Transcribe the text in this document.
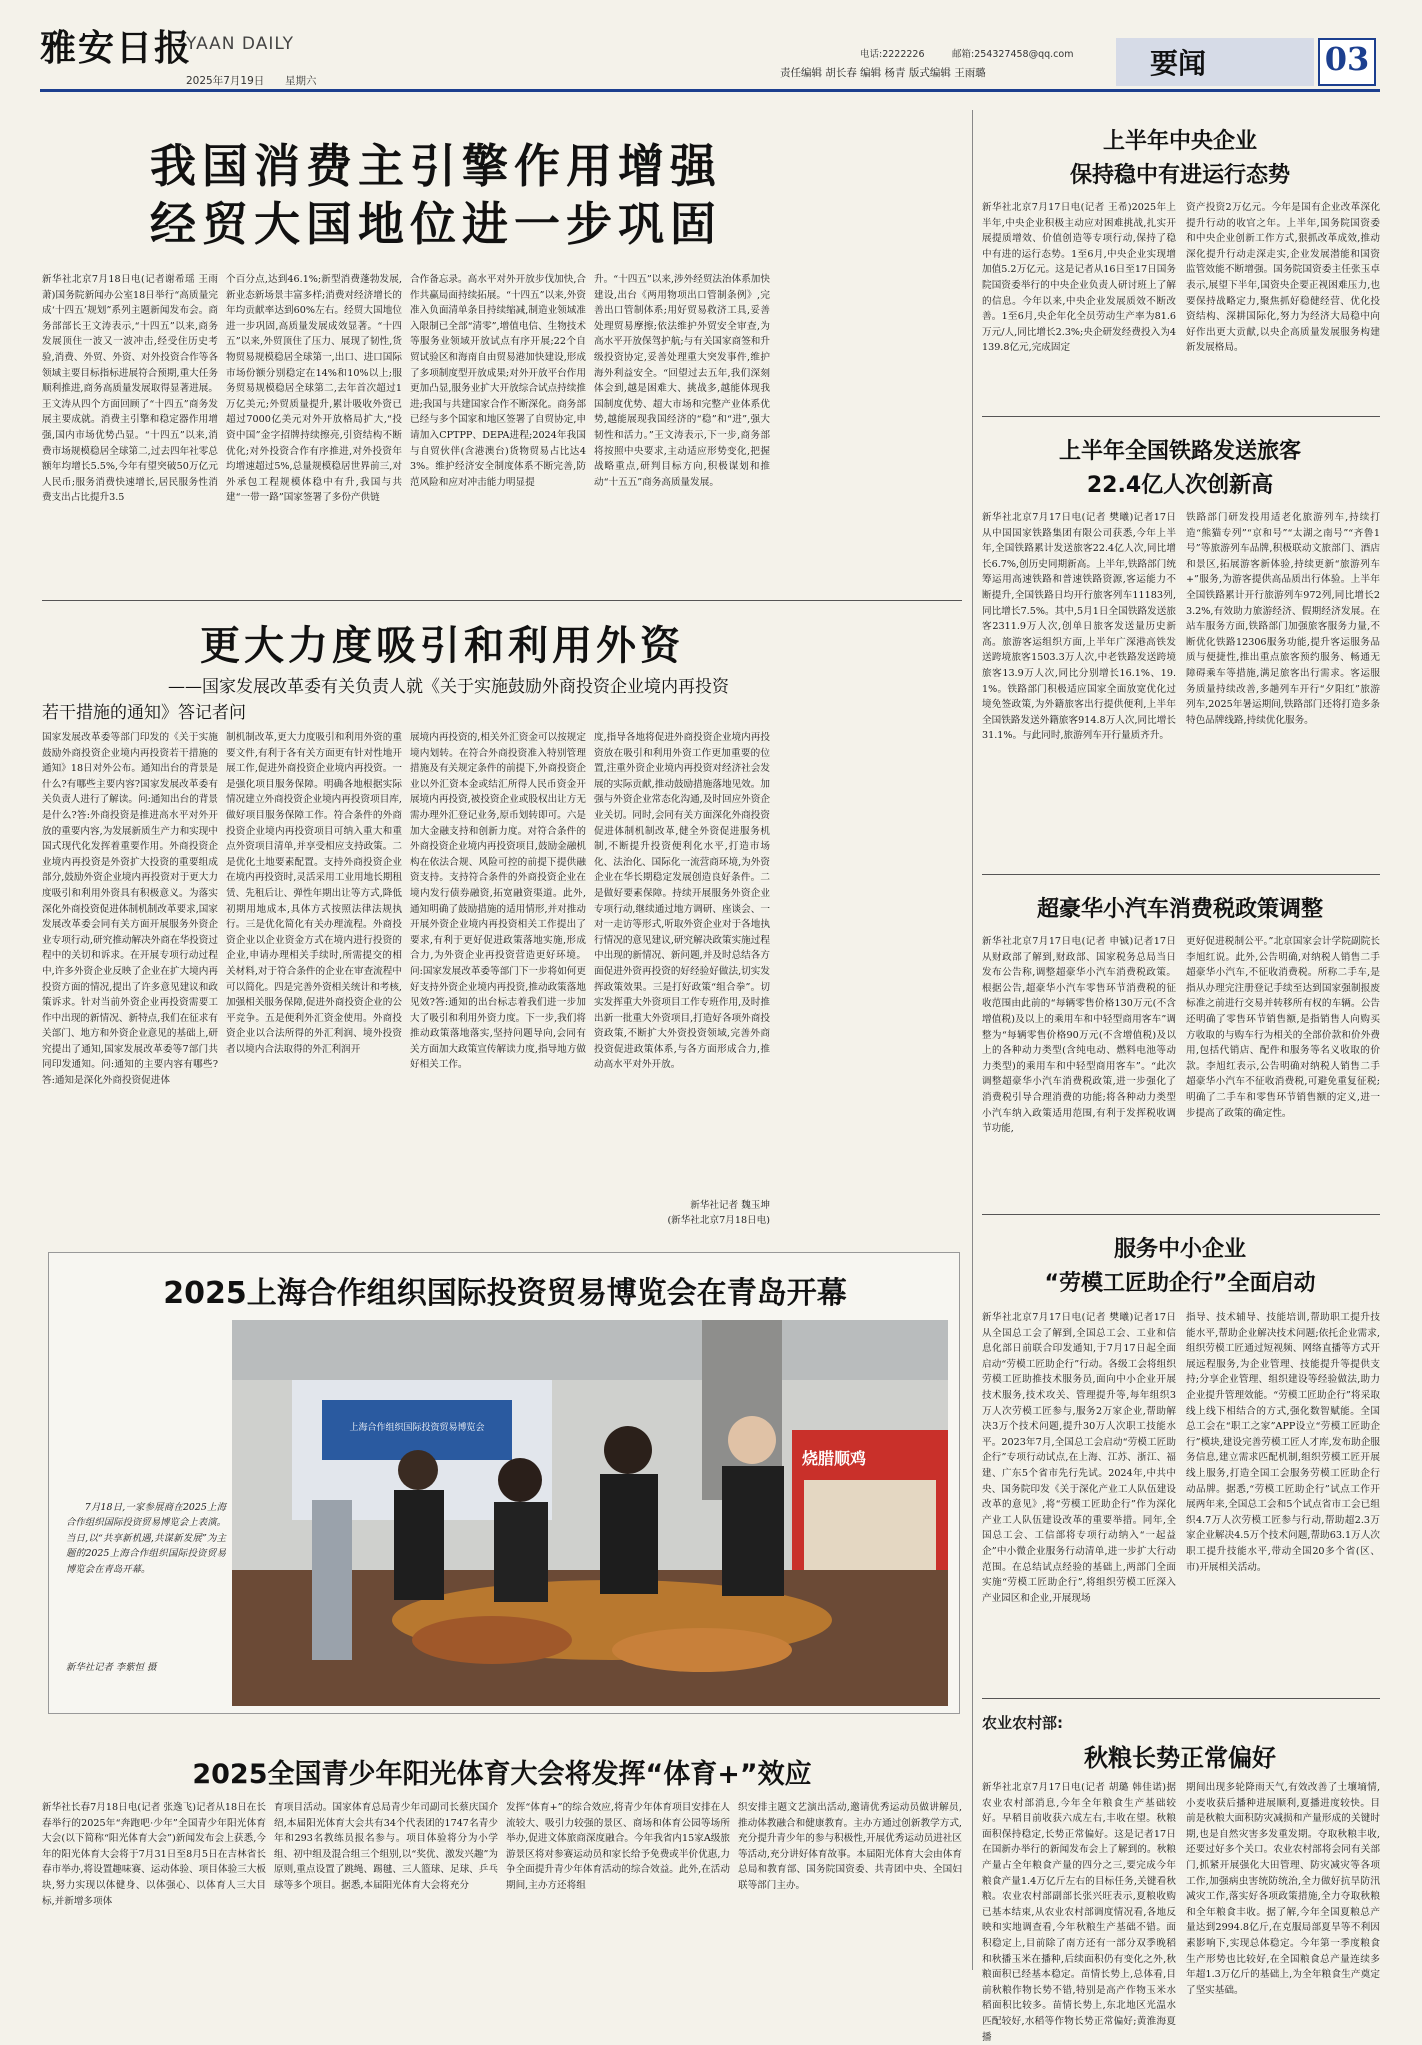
雅安日报
YAAN DAILY
2025年7月19日 星期六
电话:2222226	邮箱:254327458@qq.com
责任编辑 胡长春 编辑 杨青 版式编辑 王雨璐	要闻	03
我国消费主引擎作用增强
经贸大国地位进一步巩固
新华社北京7月18日电(记者谢希瑶 王雨萧)国务院新闻办公室18日举行“高质量完成‘十四五’规划”系列主题新闻发布会。商务部部长王文涛表示,“十四五”以来,商务发展顶住一波又一波冲击,经受住历史考验,消费、外贸、外资、对外投资合作等各领域主要目标指标进展符合预期,重大任务顺利推进,商务高质量发展取得显著进展。王文涛从四个方面回顾了“十四五”商务发展主要成就。消费主引擎和稳定器作用增强,国内市场优势凸显。“十四五”以来,消费市场规模稳居全球第二,过去四年社零总额年均增长5.5%,今年有望突破50万亿元人民币;服务消费快速增长,居民服务性消费支出占比提升3.5
个百分点,达到46.1%;新型消费蓬勃发展,新业态新场景丰富多样;消费对经济增长的年均贡献率达到60%左右。经贸大国地位进一步巩固,高质量发展成效显著。“十四五”以来,外贸顶住了压力、展现了韧性,货物贸易规模稳居全球第一,出口、进口国际市场份额分别稳定在14%和10%以上;服务贸易规模稳居全球第二,去年首次超过1万亿美元;外贸质量提升,累计吸收外资已超过7000亿美元对外开放格局扩大,“投资中国”金字招牌持续擦亮,引资结构不断优化;对外投资合作有序推进,对外投资年均增速超过5%,总量规模稳居世界前三,对外承包工程规模体稳中有升,我国与共建“一带一路”国家签署了多份产供链
合作备忘录。高水平对外开放步伐加快,合作共赢局面持续拓展。“十四五”以来,外资准入负面清单条目持续缩减,制造业领域准入限制已全部“清零”,增值电信、生物技术等服务业领域开放试点有序开展;22个自贸试验区和海南自由贸易港加快建设,形成了多项制度型开放成果;对外开放平台作用更加凸显,服务业扩大开放综合试点持续推进;我国与共建国家合作不断深化。商务部已经与多个国家和地区签署了自贸协定,申请加入CPTPP、DEPA进程;2024年我国与自贸伙伴(含港澳台)货物贸易占比达43%。维护经济安全制度体系不断完善,防范风险和应对冲击能力明显提
升。“十四五”以来,涉外经贸法治体系加快建设,出台《两用物项出口管制条例》,完善出口管制体系;用好贸易救济工具,妥善处理贸易摩擦;依法维护外贸安全审查,为高水平开放保驾护航;与有关国家商签和升级投资协定,妥善处理重大突发事件,维护海外利益安全。“回望过去五年,我们深刻体会到,越是困难大、挑战多,越能体现我国制度优势、超大市场和完整产业体系优势,越能展现我国经济的“稳”和“进”,强大韧性和活力。”王文涛表示,下一步,商务部将按照中央要求,主动适应形势变化,把握战略重点,研判目标方向,积极谋划和推动“十五五”商务高质量发展。
上半年中央企业
保持稳中有进运行态势
新华社北京7月17日电(记者 王希)2025年上半年,中央企业积极主动应对困难挑战,扎实开展提质增效、价值创造等专项行动,保持了稳中有进的运行态势。1至6月,中央企业实现增加值5.2万亿元。这是记者从16日至17日国务院国资委举行的中央企业负责人研讨班上了解的信息。今年以来,中央企业发展质效不断改善。1至6月,央企年化全员劳动生产率为81.6万元/人,同比增长2.3%;央企研发经费投入为4139.8亿元,完成固定
资产投资2万亿元。今年是国有企业改革深化提升行动的收官之年。上半年,国务院国资委和中央企业创新工作方式,狠抓改革成效,推动深化提升行动走深走实,企业发展潜能和国资监管效能不断增强。国务院国资委主任张玉卓表示,展望下半年,国资央企要正视困难压力,也要保持战略定力,聚焦抓好稳健经营、优化投资结构、深耕国际化,努力为经济大局稳中向好作出更大贡献,以央企高质量发展服务构建新发展格局。
上半年全国铁路发送旅客
22.4亿人次创新高
新华社北京7月17日电(记者 樊曦)记者17日从中国国家铁路集团有限公司获悉,今年上半年,全国铁路累计发送旅客22.4亿人次,同比增长6.7%,创历史同期新高。上半年,铁路部门统筹运用高速铁路和普速铁路资源,客运能力不断提升,全国铁路日均开行旅客列车11183列,同比增长7.5%。其中,5月1日全国铁路发送旅客2311.9万人次,创单日旅客发送量历史新高。旅游客运组织方面,上半年广深港高铁发送跨境旅客1503.3万人次,中老铁路发送跨境旅客13.9万人次,同比分别增长16.1%、19.1%。铁路部门积极适应国家全面放宽优化过境免签政策,为外籍旅客出行提供便利,上半年全国铁路发送外籍旅客914.8万人次,同比增长31.1%。与此同时,旅游列车开行量质齐升。
铁路部门研发投用适老化旅游列车,持续打造“熊猫专列”“京和号”“太湖之南号”“齐鲁1号”等旅游列车品牌,积极联动文旅部门、酒店和景区,拓展游客新体验,持续更新“旅游列车+”服务,为游客提供高品质出行体验。上半年全国铁路累计开行旅游列车972列,同比增长23.2%,有效助力旅游经济、假期经济发展。在站车服务方面,铁路部门加强旅客服务力量,不断优化铁路12306服务功能,提升客运服务品质与便捷性,推出重点旅客预约服务、畅通无障碍乘车等措施,满足旅客出行需求。客运服务质量持续改善,多趟列车开行“夕阳红”旅游列车,2025年暑运期间,铁路部门还将打造多条特色品牌线路,持续优化服务。
超豪华小汽车消费税政策调整
新华社北京7月17日电(记者 申铖)记者17日从财政部了解到,财政部、国家税务总局当日发布公告称,调整超豪华小汽车消费税政策。根据公告,超豪华小汽车零售环节消费税的征收范围由此前的“每辆零售价格130万元(不含增值税)及以上的乘用车和中轻型商用客车”调整为“每辆零售价格90万元(不含增值税)及以上的各种动力类型(含纯电动、燃料电池等动力类型)的乘用车和中轻型商用客车”。“此次调整超豪华小汽车消费税政策,进一步强化了消费税引导合理消费的功能;将各种动力类型小汽车纳入政策适用范围,有利于发挥税收调节功能,
更好促进税制公平。”北京国家会计学院副院长李旭红说。此外,公告明确,对纳税人销售二手超豪华小汽车,不征收消费税。所称二手车,是指从办理完注册登记手续至达到国家强制报废标准之前进行交易并转移所有权的车辆。公告还明确了零售环节销售额,是指销售人向购买方收取的与购车行为相关的全部价款和价外费用,包括代销店、配件和服务等名义收取的价款。李旭红表示,公告明确对纳税人销售二手超豪华小汽车不征收消费税,可避免重复征税;明确了二手车和零售环节销售额的定义,进一步提高了政策的确定性。
服务中小企业
“劳模工匠助企行”全面启动
新华社北京7月17日电(记者 樊曦)记者17日从全国总工会了解到,全国总工会、工业和信息化部日前联合印发通知,于7月17日起全面启动“劳模工匠助企行”行动。各级工会将组织劳模工匠助推技术服务员,面向中小企业开展技术服务,技术攻关、管理提升等,每年组织3万人次劳模工匠参与,服务2万家企业,帮助解决3万个技术问题,提升30万人次职工技能水平。2023年7月,全国总工会启动“劳模工匠助企行”专项行动试点,在上海、江苏、浙江、福建、广东5个省市先行先试。2024年,中共中央、国务院印发《关于深化产业工人队伍建设改革的意见》,将“劳模工匠助企行”作为深化产业工人队伍建设改革的重要举措。同年,全国总工会、工信部将专项行动纳入“一起益企”中小微企业服务行动清单,进一步扩大行动范围。在总结试点经验的基础上,两部门全面实施“劳模工匠助企行”,将组织劳模工匠深入产业园区和企业,开展现场
指导、技术辅导、技能培训,帮助职工提升技能水平,帮助企业解决技术问题;依托企业需求,组织劳模工匠通过短视频、网络直播等方式开展远程服务,为企业管理、技能提升等提供支持;分享企业管理、组织建设等经验做法,助力企业提升管理效能。“劳模工匠助企行”将采取线上线下相结合的方式,强化数智赋能。全国总工会在“职工之家”APP设立“劳模工匠助企行”模块,建设完善劳模工匠人才库,发布助企服务信息,建立需求匹配机制,组织劳模工匠开展线上服务,打造全国工会服务劳模工匠助企行动品牌。据悉,“劳模工匠助企行”试点工作开展两年来,全国总工会和5个试点省市工会已组织4.7万人次劳模工匠参与行动,帮助超2.3万家企业解决4.5万个技术问题,帮助63.1万人次职工提升技能水平,带动全国20多个省(区、市)开展相关活动。
农业农村部:
秋粮长势正常偏好
新华社北京7月17日电(记者 胡璐 韩佳诺)据农业农村部消息,今年全年粮食生产基础较好。早稻目前收获六成左右,丰收在望。秋粮面积保持稳定,长势正常偏好。这是记者17日在国新办举行的新闻发布会上了解到的。秋粮产量占全年粮食产量的四分之三,要完成今年粮食产量1.4万亿斤左右的目标任务,关键看秋粮。农业农村部副部长张兴旺表示,夏粮收购已基本结束,从农业农村部调度情况看,各地反映和实地调查看,今年秋粮生产基础不错。面积稳定上,目前除了南方还有一部分双季晚稻和秋播玉米在播种,后续面积仍有变化之外,秋粮面积已经基本稳定。苗情长势上,总体看,目前秋粮作物长势不错,特别是高产作物玉米水稻面积比较多。苗情长势上,东北地区光温水匹配较好,水稻等作物长势正常偏好;黄淮海夏播
期间出现多轮降雨天气,有效改善了土壤墒情,小麦收获后播种进展顺利,夏播进度较快。目前是秋粮大面积防灾减损和产量形成的关键时期,也是自然灾害多发重发期。夺取秋粮丰收,还要过好多个关口。农业农村部将会同有关部门,抓紧开展强化大田管理、防灾减灾等各项工作,加强病虫害统防统治,全力做好抗旱防汛减灾工作,落实好各项政策措施,全力夺取秋粮和全年粮食丰收。据了解,今年全国夏粮总产量达到2994.8亿斤,在克服局部夏旱等不利因素影响下,实现总体稳定。今年第一季度粮食生产形势也比较好,在全国粮食总产量连续多年超1.3万亿斤的基础上,为全年粮食生产奠定了坚实基础。
更大力度吸引和利用外资
——国家发展改革委有关负责人就《关于实施鼓励外商投资企业境内再投资
若干措施的通知》答记者问
国家发展改革委等部门印发的《关于实施鼓励外商投资企业境内再投资若干措施的通知》18日对外公布。通知出台的背景是什么?有哪些主要内容?国家发展改革委有关负责人进行了解读。问:通知出台的背景是什么?答:外商投资是推进高水平对外开放的重要内容,为发展新质生产力和实现中国式现代化发挥着重要作用。外商投资企业境内再投资是外资扩大投资的重要组成部分,鼓励外资企业境内再投资对于更大力度吸引和利用外资具有积极意义。为落实深化外商投资促进体制机制改革要求,国家发展改革委会同有关方面开展服务外资企业专项行动,研究推动解决外商在华投资过程中的关切和诉求。在开展专项行动过程中,许多外资企业反映了企业在扩大境内再投资方面的情况,提出了许多意见建议和政策诉求。针对当前外资企业再投资需要工作中出现的新情况、新特点,我们在征求有关部门、地方和外资企业意见的基础上,研究提出了通知,国家发展改革委等7部门共同印发通知。问:通知的主要内容有哪些?答:通知是深化外商投资促进体
制机制改革,更大力度吸引和利用外资的重要文件,有利于各有关方面更有针对性地开展工作,促进外商投资企业境内再投资。一是强化项目服务保障。明确各地根据实际情况建立外商投资企业境内再投资项目库,做好项目服务保障工作。符合条件的外商投资企业境内再投资项目可纳入重大和重点外资项目清单,并享受相应支持政策。二是优化土地要素配置。支持外商投资企业在境内再投资时,灵活采用工业用地长期租赁、先租后让、弹性年期出让等方式,降低初期用地成本,具体方式按照法律法规执行。三是优化简化有关办理流程。外商投资企业以企业资金方式在境内进行投资的企业,申请办理相关手续时,所需提交的相关材料,对于符合条件的企业在审查流程中可以简化。四是完善外资相关统计和考核,加强相关服务保障,促进外商投资企业的公平竞争。五是便利外汇资金使用。外商投资企业以合法所得的外汇利润、境外投资者以境内合法取得的外汇利润开
展境内再投资的,相关外汇资金可以按规定境内划转。在符合外商投资准入特别管理措施及有关规定条件的前提下,外商投资企业以外汇资本金或结汇所得人民币资金开展境内再投资,被投资企业或股权出让方无需办理外汇登记业务,原币划转即可。六是加大金融支持和创新力度。对符合条件的外商投资企业境内再投资项目,鼓励金融机构在依法合规、风险可控的前提下提供融资支持。支持符合条件的外商投资企业在境内发行债券融资,拓宽融资渠道。此外,通知明确了鼓励措施的适用情形,并对推动开展外资企业境内再投资相关工作提出了要求,有利于更好促进政策落地实施,形成合力,为外资企业再投资营造更好环境。问:国家发展改革委等部门下一步将如何更好支持外资企业境内再投资,推动政策落地见效?答:通知的出台标志着我们进一步加大了吸引和利用外资力度。下一步,我们将推动政策落地落实,坚持问题导向,会同有关方面加大政策宣传解读力度,指导地方做好相关工作。
度,指导各地将促进外商投资企业境内再投资放在吸引和利用外资工作更加重要的位置,注重外资企业境内再投资对经济社会发展的实际贡献,推动鼓励措施落地见效。加强与外资企业常态化沟通,及时回应外资企业关切。同时,会同有关方面深化外商投资促进体制机制改革,健全外资促进服务机制,不断提升投资便利化水平,打造市场化、法治化、国际化一流营商环境,为外资企业在华长期稳定发展创造良好条件。二是做好要素保障。持续开展服务外资企业专项行动,继续通过地方调研、座谈会、一对一走访等形式,听取外资企业对于各地执行情况的意见建议,研究解决政策实施过程中出现的新情况、新问题,并及时总结各方面促进外资再投资的好经验好做法,切实发挥政策效果。三是打好政策“组合拳”。切实发挥重大外资项目工作专班作用,及时推出新一批重大外资项目,打造好各项外商投资政策,不断扩大外资投资领域,完善外商投资促进政策体系,与各方面形成合力,推动高水平对外开放。
新华社记者 魏玉坤
(新华社北京7月18日电)
2025上海合作组织国际投资贸易博览会在青岛开幕
7月18日,一家参展商在2025上海合作组织国际投资贸易博览会上表演。当日,以“共享新机遇,共谋新发展”为主题的2025上海合作组织国际投资贸易博览会在青岛开幕。
新华社记者 李紫恒 摄
烧腊顺鸡
上海合作组织国际投资贸易博览会
2025全国青少年阳光体育大会将发挥“体育+”效应
新华社长春7月18日电(记者 张逸飞)记者从18日在长春举行的2025年“奔跑吧·少年”全国青少年阳光体育大会(以下简称“阳光体育大会”)新闻发布会上获悉,今年的阳光体育大会将于7月31日至8月5日在吉林省长春市举办,将设置趣味赛、运动体验、项目体验三大板块,努力实现以体健身、以体强心、以体育人三大目标,并新增多项体
育项目活动。国家体育总局青少年司副司长蔡庆国介绍,本届阳光体育大会共有34个代表团的1747名青少年和293名教练员报名参与。项目体验将分为小学组、初中组及混合组三个组别,以“奖优、激发兴趣”为原则,重点设置了跳绳、踢毽、三人篮球、足球、乒乓球等多个项目。据悉,本届阳光体育大会将充分
发挥“体育+”的综合效应,将青少年体育项目安排在人流较大、吸引力较强的景区、商场和体育公园等场所举办,促进文体旅商深度融合。今年我省内15家A级旅游景区将对参赛运动员和家长给予免费或半价优惠,力争全面提升青少年体育活动的综合效益。此外,在活动期间,主办方还将组
织安排主题文艺演出活动,邀请优秀运动员做讲解员,推动体教融合和健康教育。主办方通过创新教学方式,充分提升青少年的参与积极性,开展优秀运动员进社区等活动,充分讲好体育故事。本届阳光体育大会由体育总局和教育部、国务院国资委、共青团中央、全国妇联等部门主办。
